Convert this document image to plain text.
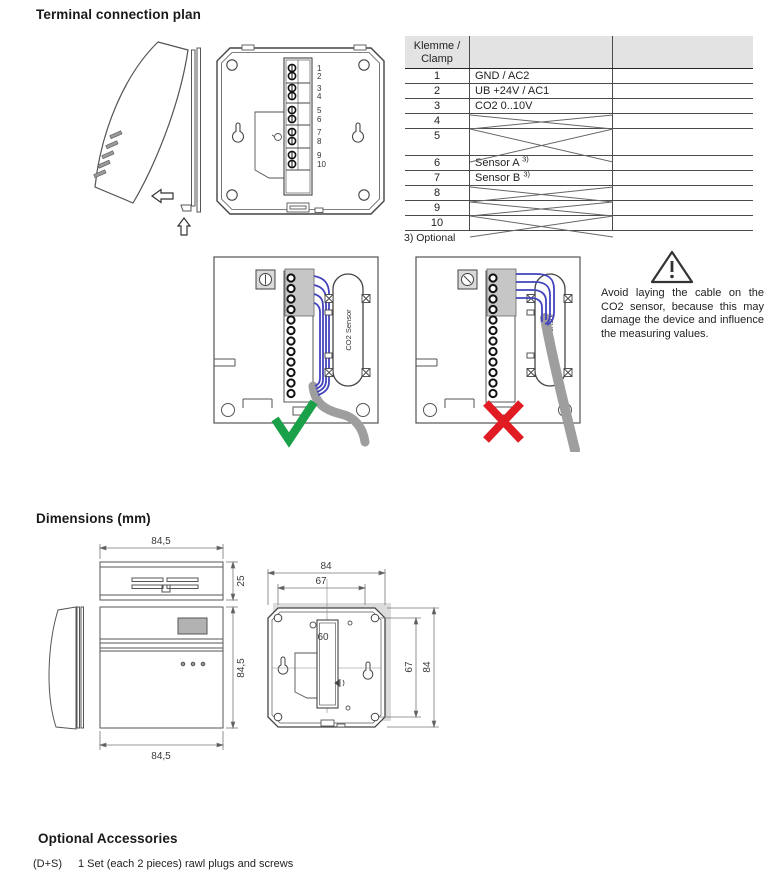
Terminal connection plan
1
2
3
4
5
6
7
8
9
10
Klemme / Clamp
1	GND / AC2
2	UB +24V / AC1
3	CO2 0..10V
4
5
6	Sensor A $^{3)}$
7	Sensor B $^{3)}$
8
9
10
3) Optional
CO2 Sensor	CO2 Sensor
Avoid laying the cable on the CO2 sensor, because this may damage the device and influence the measuring values.
Dimensions (mm)
84,5
25
84,5
84,5
84
67
60
67 84
Optional Accessories
(D+S)	1 Set (each 2 pieces) rawl plugs and screws
